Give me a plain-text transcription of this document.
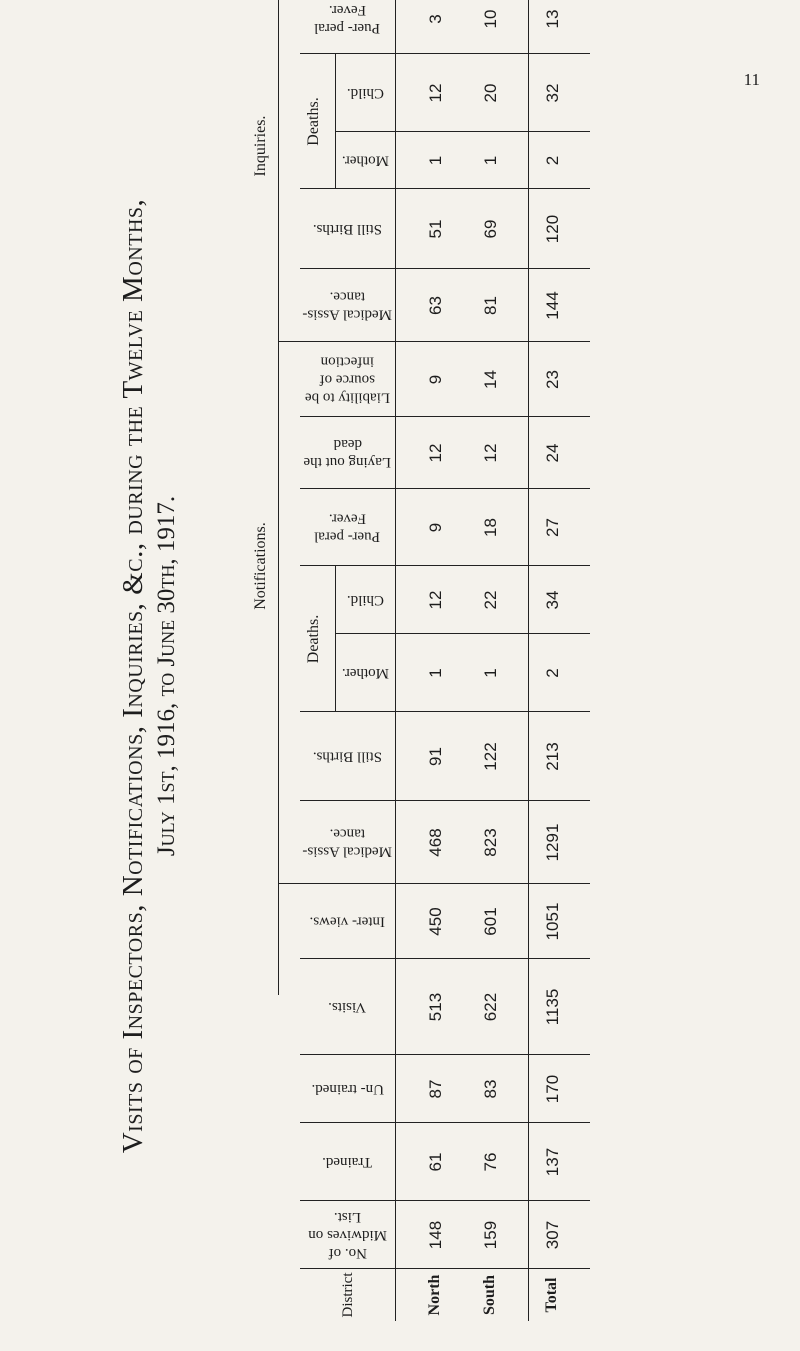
11
Visits of Inspectors, Notifications, Inquiries, &c., during the Twelve Months, July 1st, 1916, to June 30th, 1917.	Notifications.
Inquiries.
Deaths.
Deaths.
District
No. of Midwives on List.
Trained.
Un- trained.
Visits.
Inter- views.
Medical Assis- tance.
Still Births.
Mother.
Child.
Puer- peral Fever.
Laying out the dead
Liability to be source of infection
Medical Assis- tance.
Still Births.
Mother.
Child.
Puer- peral Fever.
North
148
61
87
513
450
468
91
1
12
9
12
9
63
51
1
12
3
South
159
76
83
622
601
823
122
1
22
18
12
14
81
69
1
20
10
Total
307
137
170
1135
1051
1291
213
2
34
27
24
23
144
120
2
32
13
